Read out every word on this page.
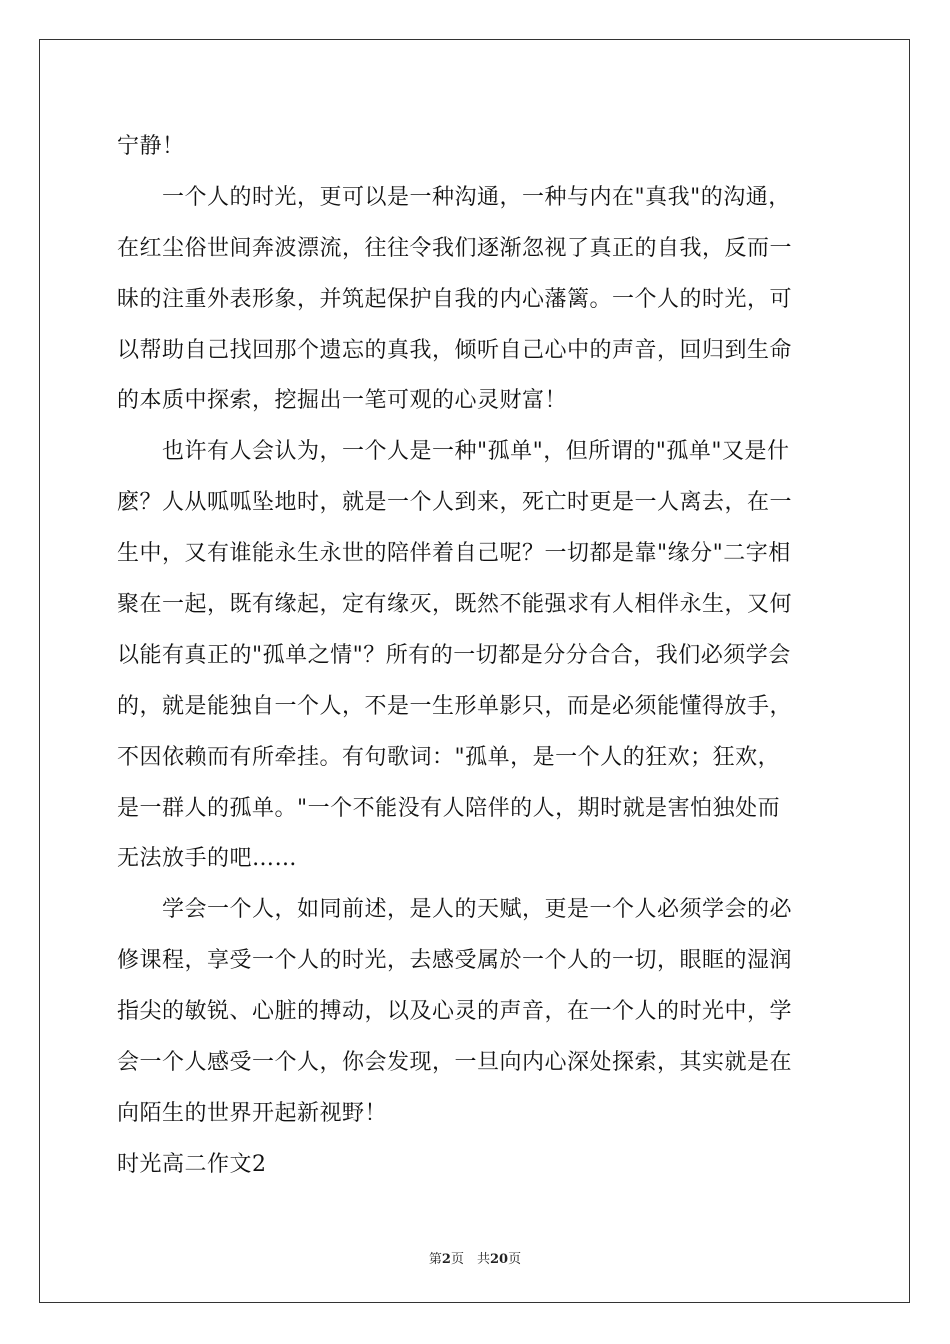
宁静！
　　一个人的时光，更可以是一种沟通，一种与内在"真我"的沟通，
在红尘俗世间奔波漂流，往往令我们逐渐忽视了真正的自我，反而一
昧的注重外表形象，并筑起保护自我的内心藩篱。一个人的时光，可
以帮助自己找回那个遗忘的真我，倾听自己心中的声音，回归到生命
的本质中探索，挖掘出一笔可观的心灵财富！
　　也许有人会认为，一个人是一种"孤单"，但所谓的"孤单"又是什
麽？人从呱呱坠地时，就是一个人到来，死亡时更是一人离去，在一
生中，又有谁能永生永世的陪伴着自己呢？一切都是靠"缘分"二字相
聚在一起，既有缘起，定有缘灭，既然不能强求有人相伴永生，又何
以能有真正的"孤单之情"？所有的一切都是分分合合，我们必须学会
的，就是能独自一个人，不是一生形单影只，而是必须能懂得放手，
不因依赖而有所牵挂。有句歌词："孤单，是一个人的狂欢；狂欢，
是一群人的孤单。"一个不能没有人陪伴的人，期时就是害怕独处而
无法放手的吧……
　　学会一个人，如同前述，是人的天赋，更是一个人必须学会的必
修课程，享受一个人的时光，去感受属於一个人的一切，眼眶的湿润
指尖的敏锐、心脏的搏动，以及心灵的声音，在一个人的时光中，学
会一个人感受一个人，你会发现，一旦向内心深处探索，其实就是在
向陌生的世界开起新视野！
时光高二作文2
第2页　共20页
